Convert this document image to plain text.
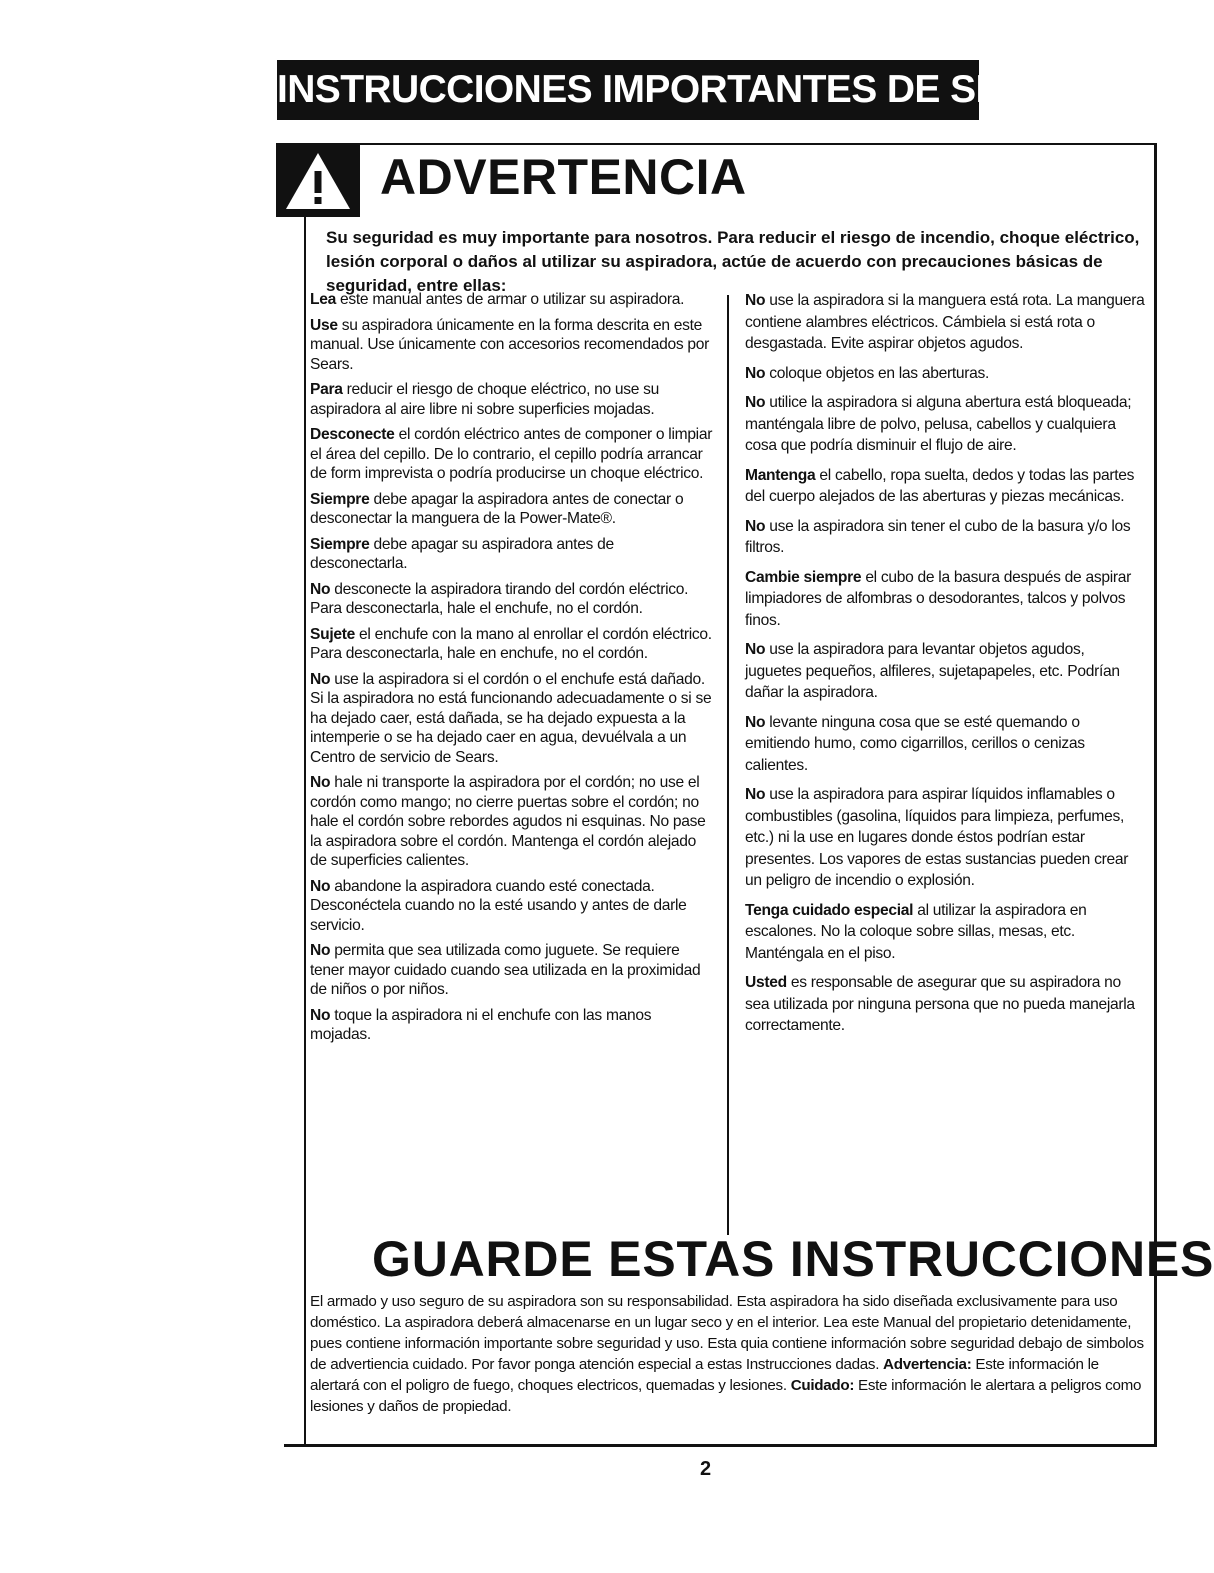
INSTRUCCIONES IMPORTANTES DE SEGURIDAD
ADVERTENCIA
Su seguridad es muy importante para nosotros. Para reducir el riesgo de incendio, choque eléctrico, lesión corporal o daños al utilizar su aspiradora, actúe de acuerdo con precauciones básicas de seguridad, entre ellas:

Lea este manual antes de armar o utilizar su aspiradora.

Use su aspiradora únicamente en la forma descrita en este manual. Use únicamente con accesorios recomendados por Sears.

Para reducir el riesgo de choque eléctrico, no use su aspiradora al aire libre ni sobre superficies mojadas.

Desconecte el cordón eléctrico antes de componer o limpiar el área del cepillo. De lo contrario, el cepillo podría arrancar de form imprevista o podría producirse un choque eléctrico.

Siempre debe apagar la aspiradora antes de conectar o desconectar la manguera de la Power-Mate®.

Siempre debe apagar su aspiradora antes de desconectarla.

No desconecte la aspiradora tirando del cordón eléctrico. Para desconectarla, hale el enchufe, no el cordón.

Sujete el enchufe con la mano al enrollar el cordón eléctrico. Para desconectarla, hale en enchufe, no el cordón.

No use la aspiradora si el cordón o el enchufe está dañado. Si la aspiradora no está funcionando adecuadamente o si se ha dejado caer, está dañada, se ha dejado expuesta a la intemperie o se ha dejado caer en agua, devuélvala a un Centro de servicio de Sears.

No hale ni transporte la aspiradora por el cordón; no use el cordón como mango; no cierre puertas sobre el cordón; no hale el cordón sobre rebordes agudos ni esquinas. No pase la aspiradora sobre el cordón. Mantenga el cordón alejado de superficies calientes.

No abandone la aspiradora cuando esté conectada. Desconéctela cuando no la esté usando y antes de darle servicio.

No permita que sea utilizada como juguete. Se requiere tener mayor cuidado cuando sea utilizada en la proximidad de niños o por niños.

No toque la aspiradora ni el enchufe con las manos mojadas.

No use la aspiradora si la manguera está rota. La manguera contiene alambres eléctricos. Cámbiela si está rota o desgastada. Evite aspirar objetos agudos.

No coloque objetos en las aberturas.

No utilice la aspiradora si alguna abertura está bloqueada; manténgala libre de polvo, pelusa, cabellos y cualquiera cosa que podría disminuir el flujo de aire.

Mantenga el cabello, ropa suelta, dedos y todas las partes del cuerpo alejados de las aberturas y piezas mecánicas.

No use la aspiradora sin tener el cubo de la basura y/o los filtros.

Cambie siempre el cubo de la basura después de aspirar limpiadores de alfombras o desodorantes, talcos y polvos finos.

No use la aspiradora para levantar objetos agudos, juguetes pequeños, alfileres, sujetapapeles, etc. Podrían dañar la aspiradora.

No levante ninguna cosa que se esté quemando o emitiendo humo, como cigarrillos, cerillos o cenizas calientes.

No use la aspiradora para aspirar líquidos inflamables o combustibles (gasolina, líquidos para limpieza, perfumes, etc.) ni la use en lugares donde éstos podrían estar presentes. Los vapores de estas sustancias pueden crear un peligro de incendio o explosión.

Tenga cuidado especial al utilizar la aspiradora en escalones. No la coloque sobre sillas, mesas, etc. Manténgala en el piso.

Usted es responsable de asegurar que su aspiradora no sea utilizada por ninguna persona que no pueda manejarla correctamente.

GUARDE ESTAS INSTRUCCIONES
El armado y uso seguro de su aspiradora son su responsabilidad. Esta aspiradora ha sido diseñada exclusivamente para uso doméstico. La aspiradora deberá almacenarse en un lugar seco y en el interior. Lea este Manual del propietario detenidamente, pues contiene información importante sobre seguridad y uso. Esta quia contiene información sobre seguridad debajo de simbolos de advertiencia cuidado. Por favor ponga atención especial a estas Instrucciones dadas. Advertencia: Este información le alertará con el poligro de fuego, choques electricos, quemadas y lesiones. Cuidado: Este información le alertara a peligros como lesiones y daños de propiedad.
2
